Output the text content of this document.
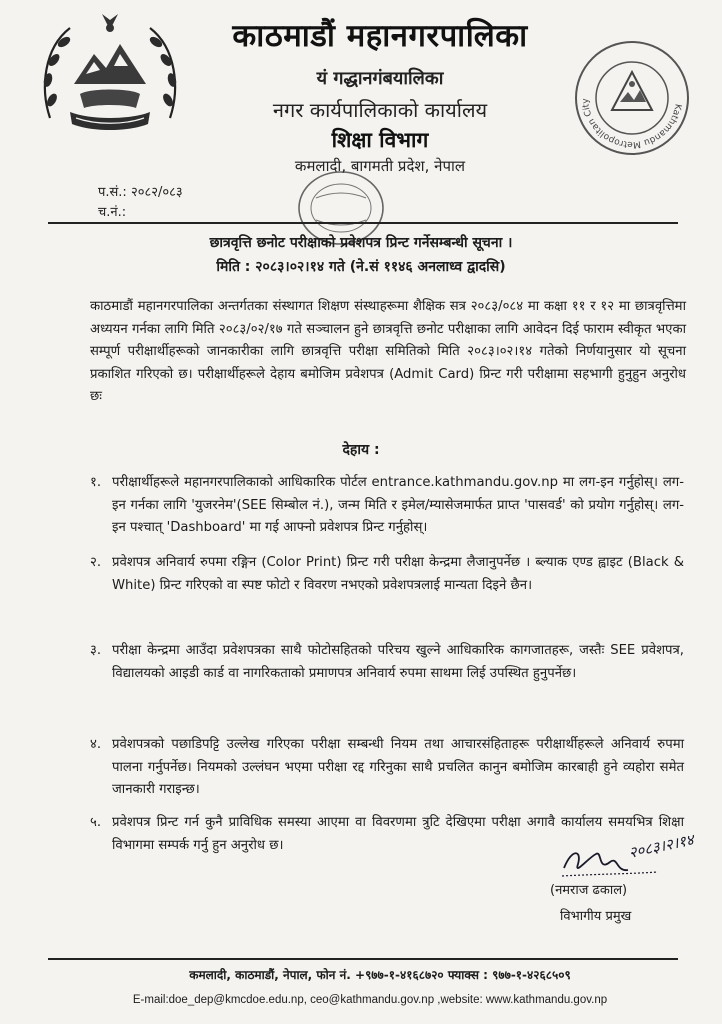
काठमाडौं महानगरपालिका
यं गद्धानगंबयालिका
नगर कार्यपालिकाको कार्यालय
शिक्षा विभाग
कमलादी, बागमती प्रदेश, नेपाल
Kathmandu Metropolitan City
प.सं.: २०८२/०८३
च.नं.:
छात्रवृत्ति छनोट परीक्षाको प्रवेशपत्र प्रिन्ट गर्नेसम्बन्धी सूचना ।
मिति : २०८३।०२।१४ गते (ने.सं ११४६ अनलाध्व द्वादसि)
काठमाडौं महानगरपालिका अन्तर्गतका संस्थागत शिक्षण संस्थाहरूमा शैक्षिक सत्र २०८३/०८४ मा कक्षा ११ र १२ मा छात्रवृत्तिमा अध्ययन गर्नका लागि मिति २०८३/०२/१७ गते सञ्चालन हुने छात्रवृत्ति छनोट परीक्षाका लागि आवेदन दिई फाराम स्वीकृत भएका सम्पूर्ण परीक्षार्थीहरूको जानकारीका लागि छात्रवृत्ति परीक्षा समितिको मिति २०८३।०२।१४ गतेको निर्णयानुसार यो सूचना प्रकाशित गरिएको छ। परीक्षार्थीहरूले देहाय बमोजिम प्रवेशपत्र (Admit Card) प्रिन्ट गरी परीक्षामा सहभागी हुनुहुन अनुरोध छः
देहाय :
१. परीक्षार्थीहरूले महानगरपालिकाको आधिकारिक पोर्टल entrance.kathmandu.gov.np मा लग-इन गर्नुहोस्। लग-इन गर्नका लागि 'युजरनेम'(SEE सिम्बोल नं.), जन्म मिति र इमेल/म्यासेजमार्फत प्राप्त 'पासवर्ड' को प्रयोग गर्नुहोस्। लग-इन पश्चात् 'Dashboard' मा गई आफ्नो प्रवेशपत्र प्रिन्ट गर्नुहोस्।
२. प्रवेशपत्र अनिवार्य रुपमा रङ्गिन (Color Print) प्रिन्ट गरी परीक्षा केन्द्रमा लैजानुपर्नेछ । ब्ल्याक एण्ड ह्वाइट (Black & White) प्रिन्ट गरिएको वा स्पष्ट फोटो र विवरण नभएको प्रवेशपत्रलाई मान्यता दिइने छैन।
३. परीक्षा केन्द्रमा आउँदा प्रवेशपत्रका साथै फोटोसहितको परिचय खुल्ने आधिकारिक कागजातहरू, जस्तैः SEE प्रवेशपत्र, विद्यालयको आइडी कार्ड वा नागरिकताको प्रमाणपत्र अनिवार्य रुपमा साथमा लिई उपस्थित हुनुपर्नेछ।
४. प्रवेशपत्रको पछाडिपट्टि उल्लेख गरिएका परीक्षा सम्बन्धी नियम तथा आचारसंहिताहरू परीक्षार्थीहरूले अनिवार्य रुपमा पालना गर्नुपर्नेछ। नियमको उल्लंघन भएमा परीक्षा रद्द गरिनुका साथै प्रचलित कानुन बमोजिम कारबाही हुने व्यहोरा समेत जानकारी गराइन्छ।
५. प्रवेशपत्र प्रिन्ट गर्न कुनै प्राविधिक समस्या आएमा वा विवरणमा त्रुटि देखिएमा परीक्षा अगावै कार्यालय समयभित्र शिक्षा विभागमा सम्पर्क गर्नु हुन अनुरोध छ।	२०८३।२।१४
(नमराज ढकाल)
विभागीय प्रमुख
कमलादी, काठमाडौं, नेपाल, फोन नं. +९७७-१-४१६८७२० फ्याक्स : ९७७-१-४२६८५०९
E-mail:doe_dep@kmcdoe.edu.np, ceo@kathmandu.gov.np ,website: www.kathmandu.gov.np
